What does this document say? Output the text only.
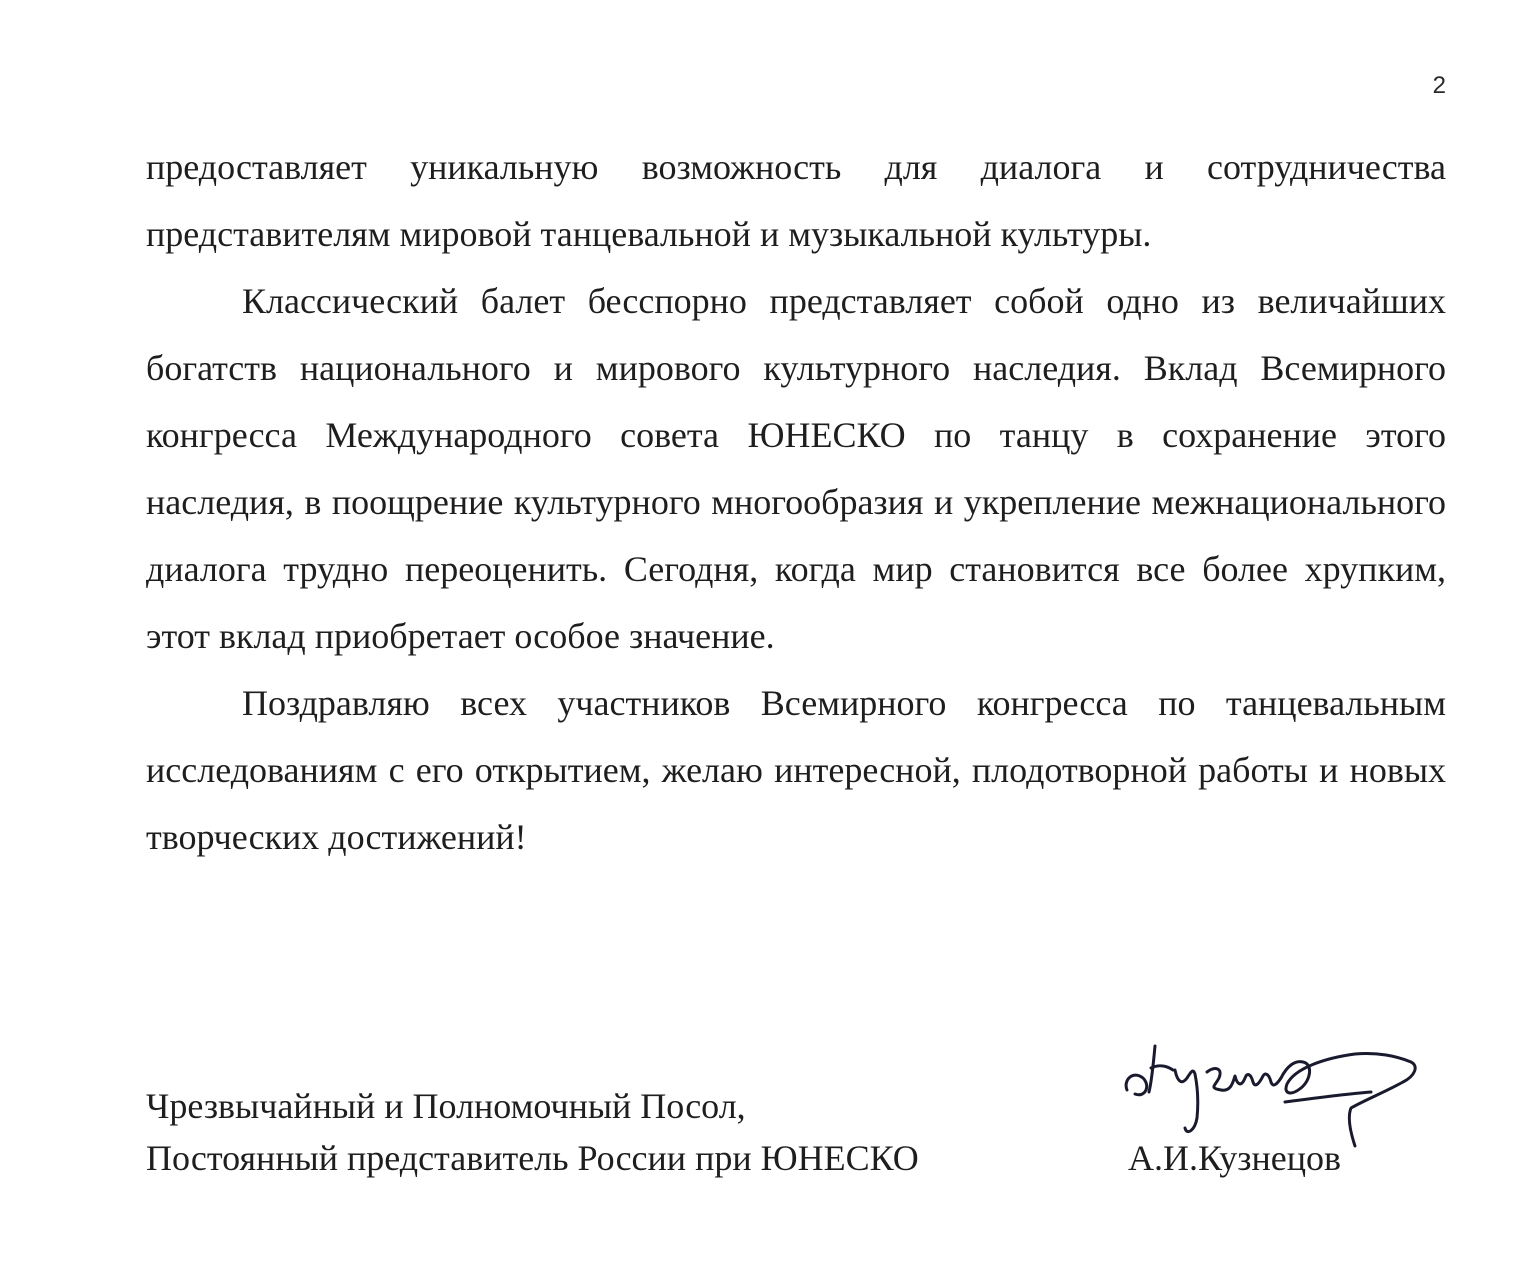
2

предоставляет уникальную возможность для диалога и сотрудничества представителям мировой танцевальной и музыкальной культуры.

Классический балет бесспорно представляет собой одно из величайших богатств национального и мирового культурного наследия. Вклад Всемирного конгресса Международного совета ЮНЕСКО по танцу в сохранение этого наследия, в поощрение культурного многообразия и укрепление межнационального диалога трудно переоценить. Сегодня, когда мир становится все более хрупким, этот вклад приобретает особое значение.

Поздравляю всех участников Всемирного конгресса по танцевальным исследованиям с его открытием, желаю интересной, плодотворной работы и новых творческих достижений!

Чрезвычайный и Полномочный Посол,
Постоянный представитель России при ЮНЕСКО	А.И.Кузнецов
